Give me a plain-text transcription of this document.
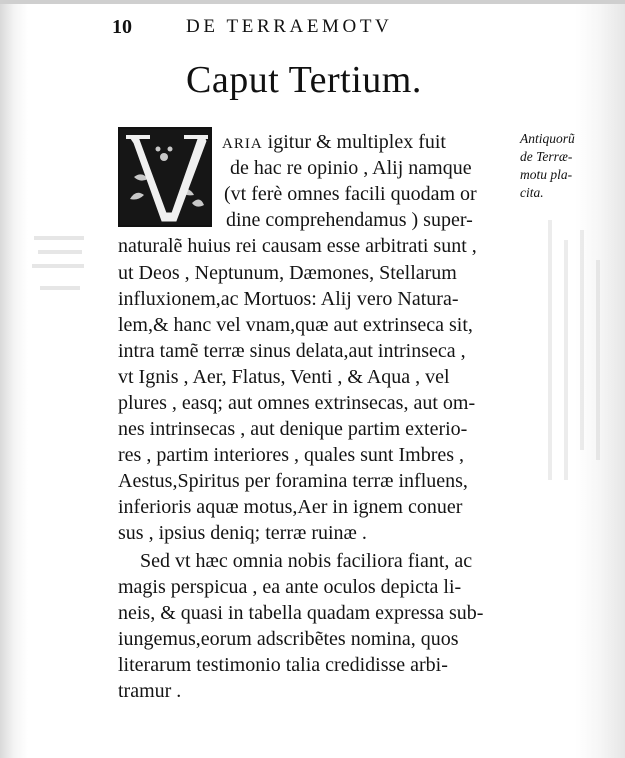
10	DE TERRAEMOTV
Caput Tertium.
Antiquorũ
de Terræ-
motu pla-
cita.
ARIA igitur & multiplex fuit
de hac re opinio , Alij namque
(vt ferè omnes facili quodam or
dine comprehendamus ) super-
naturalẽ huius rei causam esse arbitrati sunt ,
ut Deos , Neptunum, Dæmones, Stellarum
influxionem,ac Mortuos: Alij vero Natura-
lem,& hanc vel vnam,quæ aut extrinseca sit,
intra tamẽ terræ sinus delata,aut intrinseca ,
vt Ignis , Aer, Flatus, Venti , & Aqua , vel
plures , easq; aut omnes extrinsecas, aut om-
nes intrinsecas , aut denique partim exterio-
res , partim interiores , quales sunt Imbres ,
Aestus,Spiritus per foramina terræ influens,
inferioris aquæ motus,Aer in ignem conuer
sus , ipsius deniq; terræ ruinæ .
Sed vt hæc omnia nobis faciliora fiant, ac
magis perspicua , ea ante oculos depicta li-
neis, & quasi in tabella quadam expressa sub-
iungemus,eorum adscribẽtes nomina, quos
literarum testimonio talia credidisse arbi-
tramur .
